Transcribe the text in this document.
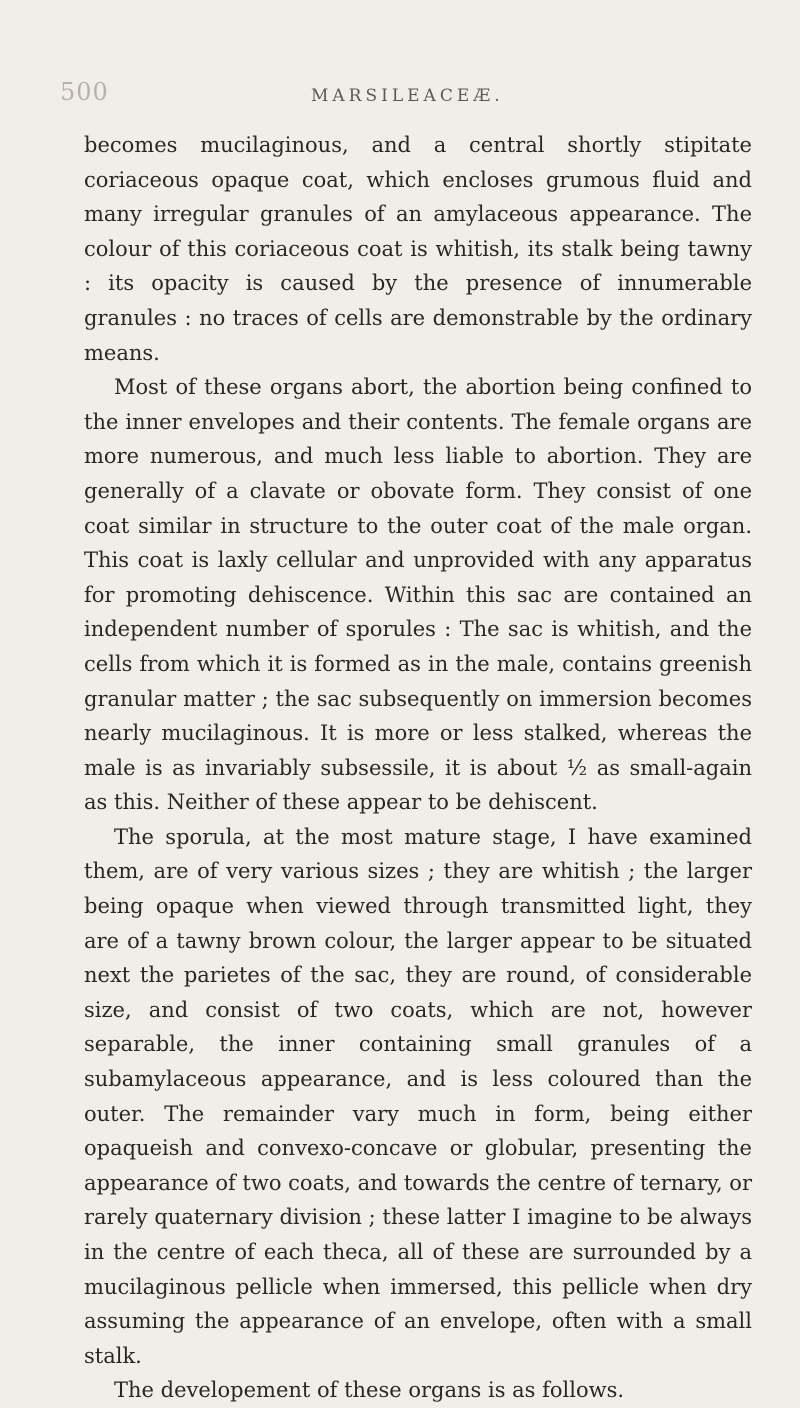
500	MARSILEACEÆ.

becomes mucilaginous, and a central shortly stipitate coriaceous opaque coat, which encloses grumous fluid and many irregular granules of an amylaceous appearance. The colour of this coriaceous coat is whitish, its stalk being tawny : its opacity is caused by the presence of innumerable granules : no traces of cells are demonstrable by the ordinary means.

Most of these organs abort, the abortion being confined to the inner envelopes and their contents. The female organs are more numerous, and much less liable to abortion. They are generally of a clavate or obovate form. They consist of one coat similar in structure to the outer coat of the male organ. This coat is laxly cellular and unprovided with any apparatus for promoting dehiscence. Within this sac are contained an independent number of sporules : The sac is whitish, and the cells from which it is formed as in the male, contains greenish granular matter ; the sac subsequently on immersion becomes nearly mucilaginous. It is more or less stalked, whereas the male is as invariably subsessile, it is about ½ as small-again as this. Neither of these appear to be dehiscent.

The sporula, at the most mature stage, I have examined them, are of very various sizes ; they are whitish ; the larger being opaque when viewed through transmitted light, they are of a tawny brown colour, the larger appear to be situated next the parietes of the sac, they are round, of considerable size, and consist of two coats, which are not, however separable, the inner containing small granules of a subamylaceous appearance, and is less coloured than the outer. The remainder vary much in form, being either opaqueish and convexo-concave or globular, presenting the appearance of two coats, and towards the centre of ternary, or rarely quaternary division ; these latter I imagine to be always in the centre of each theca, all of these are surrounded by a mucilaginous pellicle when immersed, this pellicle when dry assuming the appearance of an envelope, often with a small stalk.

The developement of these organs is as follows.
